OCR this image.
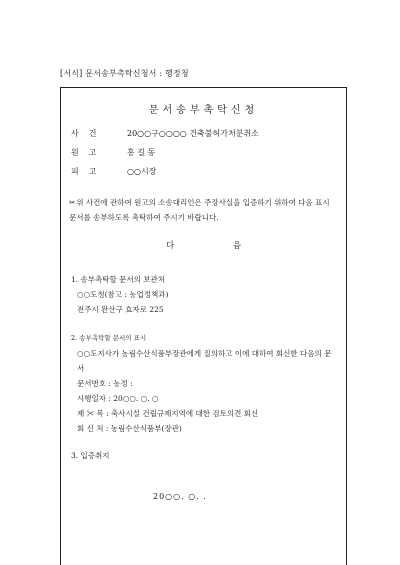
[서식] 문서송부촉탁신청서 : 행정청
문서송부촉탁신청
사건	20○○구○○○○ 건축불허가처분취소
원고	홍 길 동
피고	○○시장
✂위 사건에 관하여 원고의 소송대리인은 주장사실을 입증하기 위하여 다음 표시 문서를 송부하도록 촉탁하여 주시기 바랍니다.
다 음
1. 송부촉탁할 문서의 보관처
○○도청(참고 : 농업정책과)
전주시 완산구 효자로 225
2. 송부촉탁할 문서의 표시
○○도지사가 농림수산식품부장관에게 질의하고 이에 대하여 회신한 다음의 문서
문서번호 : 농정 :
시행일자 : 20○○. ○. ○
제 ✂ 목 : 축사시설 건립규제지역에 대한 검토의견 회신
회 신 처 : 농림수산식품부(장관)
3. 입증취지
20○○. ○. .
